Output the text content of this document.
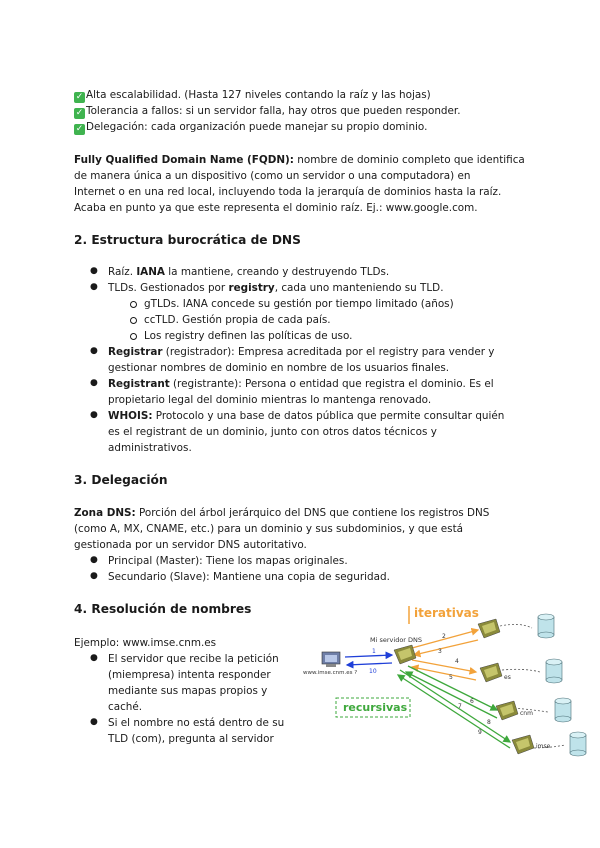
✓ Alta escalabilidad. (Hasta 127 niveles contando la raíz y las hojas)
✓ Tolerancia a fallos: si un servidor falla, hay otros que pueden responder.
✓ Delegación: cada organización puede manejar su propio dominio.
Fully Qualified Domain Name (FQDN): nombre de dominio completo que identifica
de manera única a un dispositivo (como un servidor o una computadora) en
Internet o en una red local, incluyendo toda la jerarquía de dominios hasta la raíz.
Acaba en punto ya que este representa el dominio raíz. Ej.: www.google.com.
2. Estructura burocrática de DNS
● Raíz. IANA la mantiene, creando y destruyendo TLDs.
● TLDs. Gestionados por registry, cada uno manteniendo su TLD.
gTLDs. IANA concede su gestión por tiempo limitado (años)
ccTLD. Gestión propia de cada país.
Los registry definen las políticas de uso.
● Registrar (registrador): Empresa acreditada por el registry para vender y
gestionar nombres de dominio en nombre de los usuarios finales.
● Registrant (registrante): Persona o entidad que registra el dominio. Es el
propietario legal del dominio mientras lo mantenga renovado.
● WHOIS: Protocolo y una base de datos pública que permite consultar quién
es el registrant de un dominio, junto con otros datos técnicos y
administrativos.
3. Delegación
Zona DNS: Porción del árbol jerárquico del DNS que contiene los registros DNS
(como A, MX, CNAME, etc.) para un dominio y sus subdominios, y que está
gestionada por un servidor DNS autoritativo.
● Principal (Master): Tiene los mapas originales.
● Secundario (Slave): Mantiene una copia de seguridad.
4. Resolución de nombres
Ejemplo: www.imse.cnm.es
● El servidor que recibe la petición
(miempresa) intenta responder
mediante sus mapas propios y
caché.
● Si el nombre no está dentro de su
TLD (com), pregunta al servidor
iterativas
recursivas
Mi servidor DNS
www.imse.cnm.es ?
1
10
2
3
4
5
6
7
8
9
es
cnm
imse
